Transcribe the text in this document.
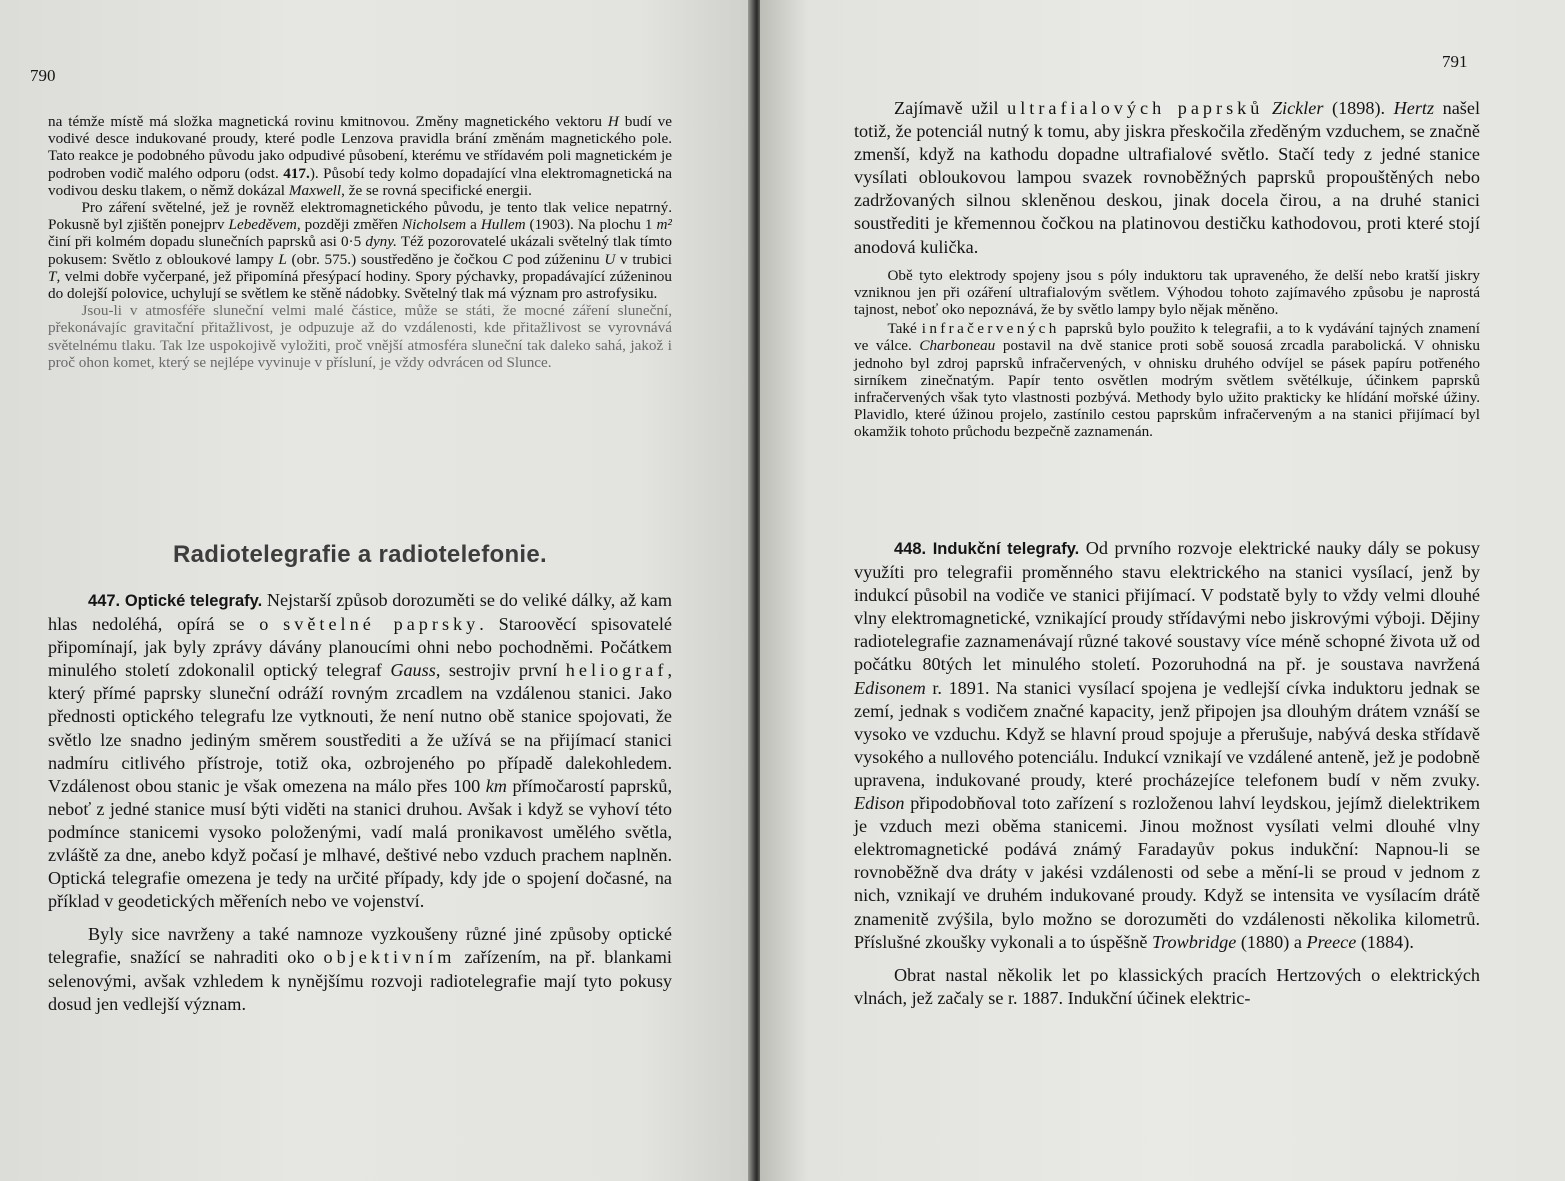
790

na témže místě má složka magnetická rovinu kmitnovou. Změny magnetického vektoru H budí ve vodivé desce indukované proudy, které podle Lenzova pravidla brání změnám magnetického pole. Tato reakce je podobného původu jako odpudivé působení, kterému ve střídavém poli magnetickém je podroben vodič malého odporu (odst. 417.). Působí tedy kolmo dopadající vlna elektromagnetická na vodivou desku tlakem, o němž dokázal Maxwell, že se rovná specifické energii.

Pro záření světelné, jež je rovněž elektromagnetického původu, je tento tlak velice nepatrný. Pokusně byl zjištěn ponejprv Lebeděvem, později změřen Nicholsem a Hullem (1903). Na plochu 1 m² činí při kolmém dopadu slunečních paprsků asi 0·5 dyny. Též pozorovatelé ukázali světelný tlak tímto pokusem: Světlo z obloukové lampy L (obr. 575.) soustředěno je čočkou C pod zúženinu U v trubici T, velmi dobře vyčerpané, jež připomíná přesýpací hodiny. Spory pýchavky, propadávající zúženinou do dolejší polovice, uchylují se světlem ke stěně nádobky. Světelný tlak má význam pro astrofysiku.

Jsou-li v atmosféře sluneční velmi malé částice, může se státi, že mocné záření sluneční, překonávajíc gravitační přitažlivost, je odpuzuje až do vzdálenosti, kde přitažlivost se vyrovnává světelnému tlaku. Tak lze uspokojivě vyložiti, proč vnější atmosféra sluneční tak daleko sahá, jakož i proč ohon komet, který se nejlépe vyvinuje v přísluní, je vždy odvrácen od Slunce.

Radiotelegrafie a radiotelefonie.

447. Optické telegrafy. Nejstarší způsob dorozuměti se do veliké dálky, až kam hlas nedoléhá, opírá se o světelné paprsky. Staroověcí spisovatelé připomínají, jak byly zprávy dávány planoucími ohni nebo pochodněmi. Počátkem minulého století zdokonalil optický telegraf Gauss, sestrojiv první heliograf, který přímé paprsky sluneční odráží rovným zrcadlem na vzdálenou stanici. Jako přednosti optického telegrafu lze vytknouti, že není nutno obě stanice spojovati, že světlo lze snadno jediným směrem soustřediti a že užívá se na přijímací stanici nadmíru citlivého přístroje, totiž oka, ozbrojeného po případě dalekohledem. Vzdálenost obou stanic je však omezena na málo přes 100 km přímočarostí paprsků, neboť z jedné stanice musí býti viděti na stanici druhou. Avšak i když se vyhoví této podmínce stanicemi vysoko položenými, vadí malá pronikavost umělého světla, zvláště za dne, anebo když počasí je mlhavé, deštivé nebo vzduch prachem naplněn. Optická telegrafie omezena je tedy na určité případy, kdy jde o spojení dočasné, na příklad v geodetických měřeních nebo ve vojenství.

Byly sice navrženy a také namnoze vyzkoušeny různé jiné způsoby optické telegrafie, snažící se nahraditi oko objektivním zařízením, na př. blankami selenovými, avšak vzhledem k nynějšímu rozvoji radiotelegrafie mají tyto pokusy dosud jen vedlejší význam.

791

Zajímavě užil ultrafialových paprsků Zickler (1898). Hertz našel totiž, že potenciál nutný k tomu, aby jiskra přeskočila zředěným vzduchem, se značně zmenší, když na kathodu dopadne ultrafialové světlo. Stačí tedy z jedné stanice vysílati obloukovou lampou svazek rovnoběžných paprsků propouštěných nebo zadržovaných silnou skleněnou deskou, jinak docela čirou, a na druhé stanici soustřediti je křemennou čočkou na platinovou destičku kathodovou, proti které stojí anodová kulička.

Obě tyto elektrody spojeny jsou s póly induktoru tak upraveného, že delší nebo kratší jiskry vzniknou jen při ozáření ultrafialovým světlem. Výhodou tohoto zajímavého způsobu je naprostá tajnost, neboť oko nepoznává, že by světlo lampy bylo nějak měněno.

Také infračervených paprsků bylo použito k telegrafii, a to k vydávání tajných znamení ve válce. Charboneau postavil na dvě stanice proti sobě souosá zrcadla parabolická. V ohnisku jednoho byl zdroj paprsků infračervených, v ohnisku druhého odvíjel se pásek papíru potřeného sirníkem zinečnatým. Papír tento osvětlen modrým světlem světélkuje, účinkem paprsků infračervených však tyto vlastnosti pozbývá. Methody bylo užito prakticky ke hlídání mořské úžiny. Plavidlo, které úžinou projelo, zastínilo cestou paprskům infračerveným a na stanici přijímací byl okamžik tohoto průchodu bezpečně zaznamenán.

448. Indukční telegrafy. Od prvního rozvoje elektrické nauky dály se pokusy využíti pro telegrafii proměnného stavu elektrického na stanici vysílací, jenž by indukcí působil na vodiče ve stanici přijímací. V podstatě byly to vždy velmi dlouhé vlny elektromagnetické, vznikající proudy střídavými nebo jiskrovými výboji. Dějiny radiotelegrafie zaznamenávají různé takové soustavy více méně schopné života už od počátku 80tých let minulého století. Pozoruhodná na př. je soustava navržená Edisonem r. 1891. Na stanici vysílací spojena je vedlejší cívka induktoru jednak se zemí, jednak s vodičem značné kapacity, jenž připojen jsa dlouhým drátem vznáší se vysoko ve vzduchu. Když se hlavní proud spojuje a přerušuje, nabývá deska střídavě vysokého a nullového potenciálu. Indukcí vznikají ve vzdálené anteně, jež je podobně upravena, indukované proudy, které procházejíce telefonem budí v něm zvuky. Edison připodobňoval toto zařízení s rozloženou lahví leydskou, jejímž dielektrikem je vzduch mezi oběma stanicemi. Jinou možnost vysílati velmi dlouhé vlny elektromagnetické podává známý Faradayův pokus indukční: Napnou-li se rovnoběžně dva dráty v jakési vzdálenosti od sebe a mění-li se proud v jednom z nich, vznikají ve druhém indukované proudy. Když se intensita ve vysílacím drátě znamenitě zvýšila, bylo možno se dorozuměti do vzdálenosti několika kilometrů. Příslušné zkoušky vykonali a to úspěšně Trowbridge (1880) a Preece (1884).

Obrat nastal několik let po klassických pracích Hertzových o elektrických vlnách, jež začaly se r. 1887. Indukční účinek elektric-
